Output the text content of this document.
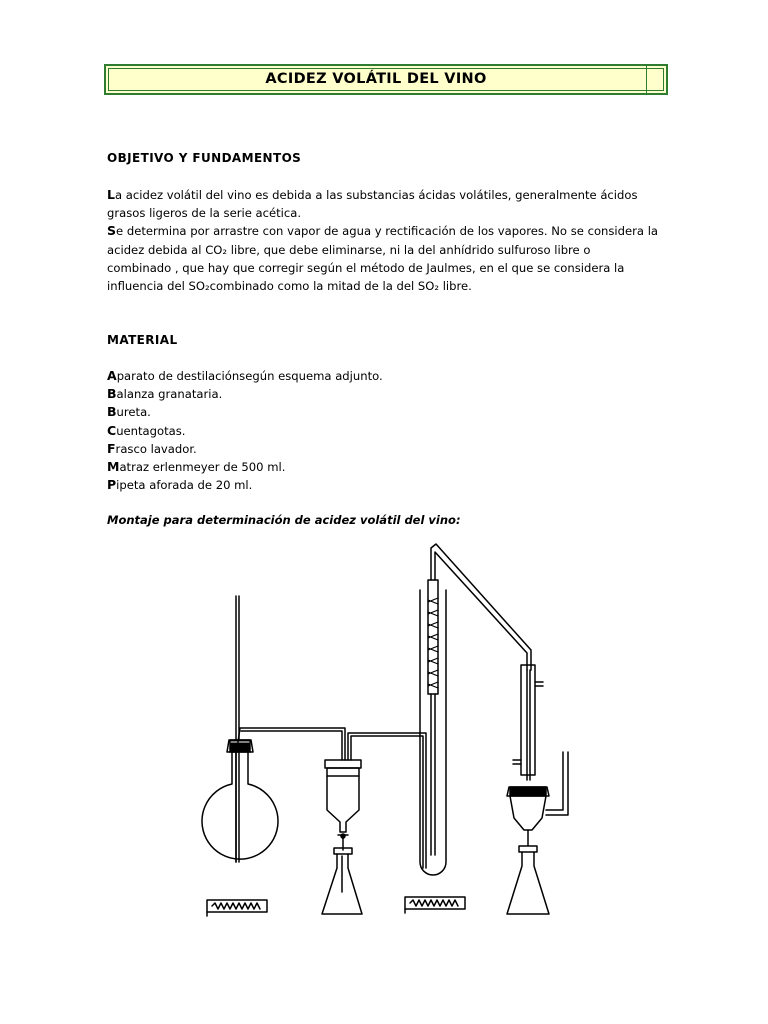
ACIDEZ VOLÁTIL DEL VINO
OBJETIVO Y FUNDAMENTOS
La acidez volátil del vino es debida a las substancias ácidas volátiles, generalmente ácidos
grasos ligeros de la serie acética.
Se determina por arrastre con vapor de agua y rectificación de los vapores. No se considera la
acidez debida al CO₂ libre, que debe eliminarse, ni la del anhídrido sulfuroso libre o
combinado , que hay que corregir según el método de Jaulmes, en el que se considera la
influencia del SO₂combinado como la mitad de la del SO₂ libre.
MATERIAL
Aparato de destilaciónsegún esquema adjunto.
Balanza granataria.
Bureta.
Cuentagotas.
Frasco lavador.
Matraz erlenmeyer de 500 ml.
Pipeta aforada de 20 ml.
Montaje para determinación de acidez volátil del vino:
